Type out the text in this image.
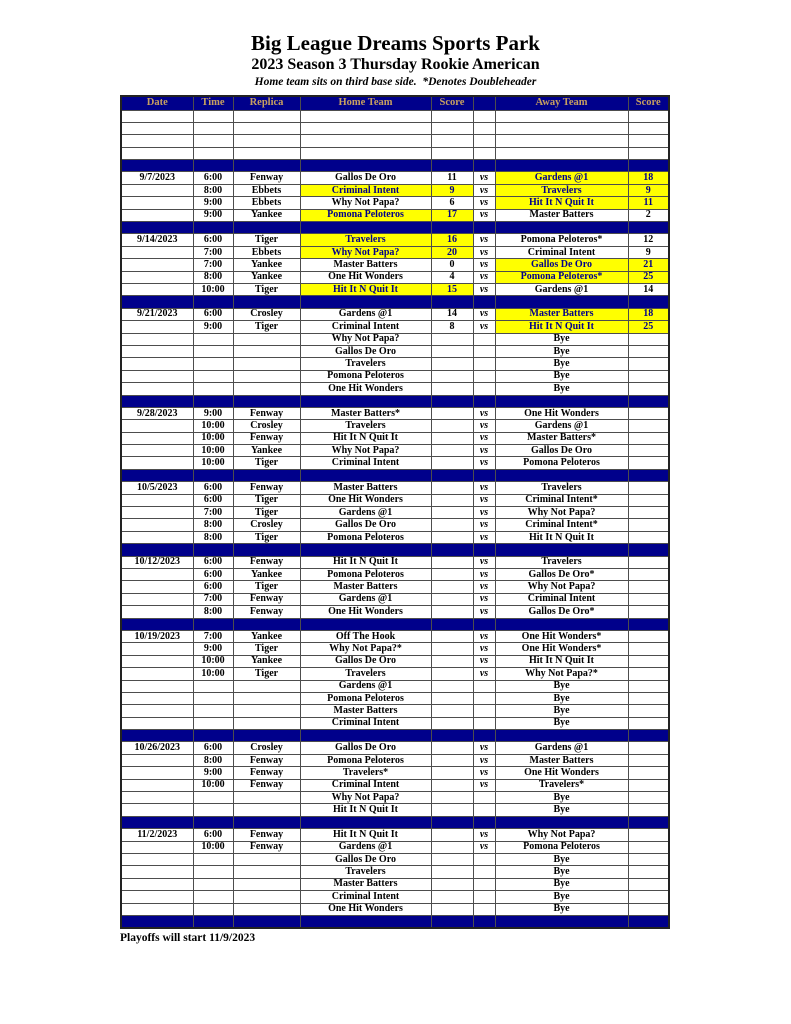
Big League Dreams Sports Park
2023 Season 3 Thursday Rookie American
Home team sits on third base side.  *Denotes Doubleheader
Date	Time	Replica	Home Team	Score		Away Team	Score

9/7/2023	6:00	Fenway	Gallos De Oro	11	vs	Gardens @1	18
	8:00	Ebbets	Criminal Intent	9	vs	Travelers	9
	9:00	Ebbets	Why Not Papa?	6	vs	Hit It N Quit It	11
	9:00	Yankee	Pomona Peloteros	17	vs	Master Batters	2

9/14/2023	6:00	Tiger	Travelers	16	vs	Pomona Peloteros*	12
	7:00	Ebbets	Why Not Papa?	20	vs	Criminal Intent	9
	7:00	Yankee	Master Batters	0	vs	Gallos De Oro	21
	8:00	Yankee	One Hit Wonders	4	vs	Pomona Peloteros*	25
	10:00	Tiger	Hit It N Quit It	15	vs	Gardens @1	14

9/21/2023	6:00	Crosley	Gardens @1	14	vs	Master Batters	18
	9:00	Tiger	Criminal Intent	8	vs	Hit It N Quit It	25
			Why Not Papa?			Bye	
			Gallos De Oro			Bye	
			Travelers			Bye	
			Pomona Peloteros			Bye	
			One Hit Wonders			Bye	

9/28/2023	9:00	Fenway	Master Batters*		vs	One Hit Wonders	
	10:00	Crosley	Travelers		vs	Gardens @1	
	10:00	Fenway	Hit It N Quit It		vs	Master Batters*	
	10:00	Yankee	Why Not Papa?		vs	Gallos De Oro	
	10:00	Tiger	Criminal Intent		vs	Pomona Peloteros	

10/5/2023	6:00	Fenway	Master Batters		vs	Travelers	
	6:00	Tiger	One Hit Wonders		vs	Criminal Intent*	
	7:00	Tiger	Gardens @1		vs	Why Not Papa?	
	8:00	Crosley	Gallos De Oro		vs	Criminal Intent*	
	8:00	Tiger	Pomona Peloteros		vs	Hit It N Quit It	

10/12/2023	6:00	Fenway	Hit It N Quit It		vs	Travelers	
	6:00	Yankee	Pomona Peloteros		vs	Gallos De Oro*	
	6:00	Tiger	Master Batters		vs	Why Not Papa?	
	7:00	Fenway	Gardens @1		vs	Criminal Intent	
	8:00	Fenway	One Hit Wonders		vs	Gallos De Oro*	

10/19/2023	7:00	Yankee	Off The Hook		vs	One Hit Wonders*	
	9:00	Tiger	Why Not Papa?*		vs	One Hit Wonders*	
	10:00	Yankee	Gallos De Oro		vs	Hit It N Quit It	
	10:00	Tiger	Travelers		vs	Why Not Papa?*	
			Gardens @1			Bye	
			Pomona Peloteros			Bye	
			Master Batters			Bye	
			Criminal Intent			Bye	

10/26/2023	6:00	Crosley	Gallos De Oro		vs	Gardens @1	
	8:00	Fenway	Pomona Peloteros		vs	Master Batters	
	9:00	Fenway	Travelers*		vs	One Hit Wonders	
	10:00	Fenway	Criminal Intent		vs	Travelers*	
			Why Not Papa?			Bye	
			Hit It N Quit It			Bye	

11/2/2023	6:00	Fenway	Hit It N Quit It		vs	Why Not Papa?	
	10:00	Fenway	Gardens @1		vs	Pomona Peloteros	
			Gallos De Oro			Bye	
			Travelers			Bye	
			Master Batters			Bye	
			Criminal Intent			Bye	
			One Hit Wonders			Bye	

Playoffs will start 11/9/2023
